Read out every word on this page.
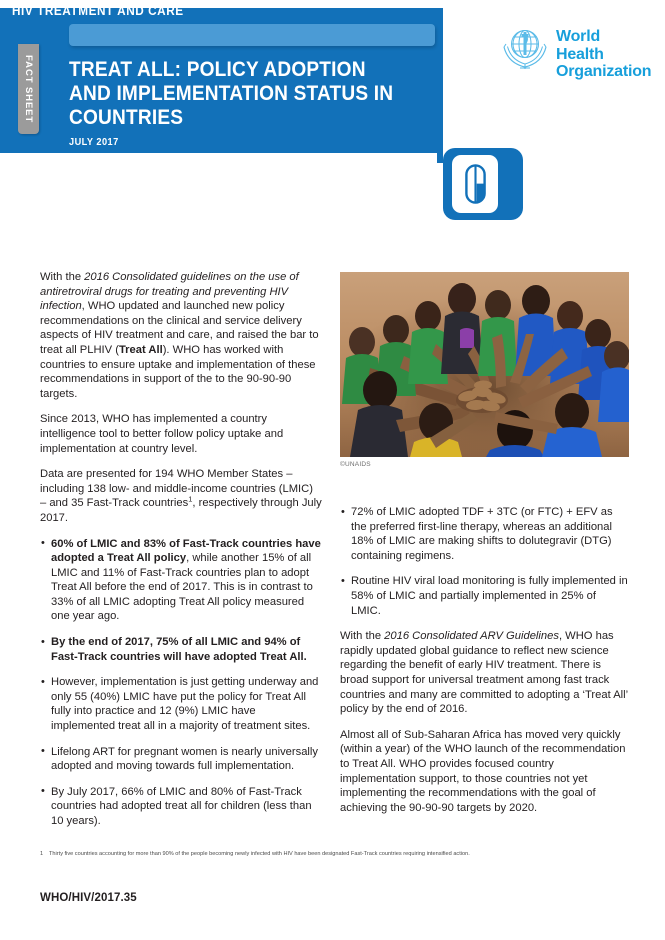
FACT SHEET
HIV TREATMENT AND CARE
TREAT ALL: POLICY ADOPTION AND IMPLEMENTATION STATUS IN COUNTRIES
JULY 2017
World Health
Organization
©UNAIDS

With the 2016 Consolidated guidelines on the use of antiretroviral drugs for treating and preventing HIV infection, WHO updated and launched new policy recommendations on the clinical and service delivery aspects of HIV treatment and care, and raised the bar to treat all PLHIV (Treat All). WHO has worked with countries to ensure uptake and implementation of these recommendations in support of the to the 90-90-90 targets.

Since 2013, WHO has implemented a country intelligence tool to better follow policy uptake and implementation at country level.

Data are presented for 194 WHO Member States – including 138 low- and middle-income countries (LMIC) – and 35 Fast-Track countries$^1$, respectively through July 2017.

• 60% of LMIC and 83% of Fast-Track countries have adopted a Treat All policy, while another 15% of all LMIC and 11% of Fast-Track countries plan to adopt Treat All before the end of 2017. This is in contrast to 33% of all LMIC adopting Treat All policy measured one year ago.
• By the end of 2017, 75% of all LMIC and 94% of Fast-Track countries will have adopted Treat All.
• However, implementation is just getting underway and only 55 (40%) LMIC have put the policy for Treat All fully into practice and 12 (9%) LMIC have implemented treat all in a majority of treatment sites.
• Lifelong ART for pregnant women is nearly universally adopted and moving towards full implementation.
• By July 2017, 66% of LMIC and 80% of Fast-Track countries had adopted treat all for children (less than 10 years).
• 72% of LMIC adopted TDF + 3TC (or FTC) + EFV as the preferred first-line therapy, whereas an additional 18% of LMIC are making shifts to dolutegravir (DTG) containing regimens.
• Routine HIV viral load monitoring is fully implemented in 58% of LMIC and partially implemented in 25% of LMIC.

With the 2016 Consolidated ARV Guidelines, WHO has rapidly updated global guidance to reflect new science regarding the benefit of early HIV treatment. There is broad support for universal treatment among fast track countries and many are committed to adopting a ‘Treat All’ policy by the end of 2016.

Almost all of Sub-Saharan Africa has moved very quickly (within a year) of the WHO launch of the recommendation to Treat All. WHO provides focused country implementation support, to those countries not yet implementing the recommendations with the goal of achieving the 90-90-90 targets by 2020.

1 Thirty five countries accounting for more than 90% of the people becoming newly infected with HIV have been designated Fast-Track countries requiring intensified action.
WHO/HIV/2017.35
